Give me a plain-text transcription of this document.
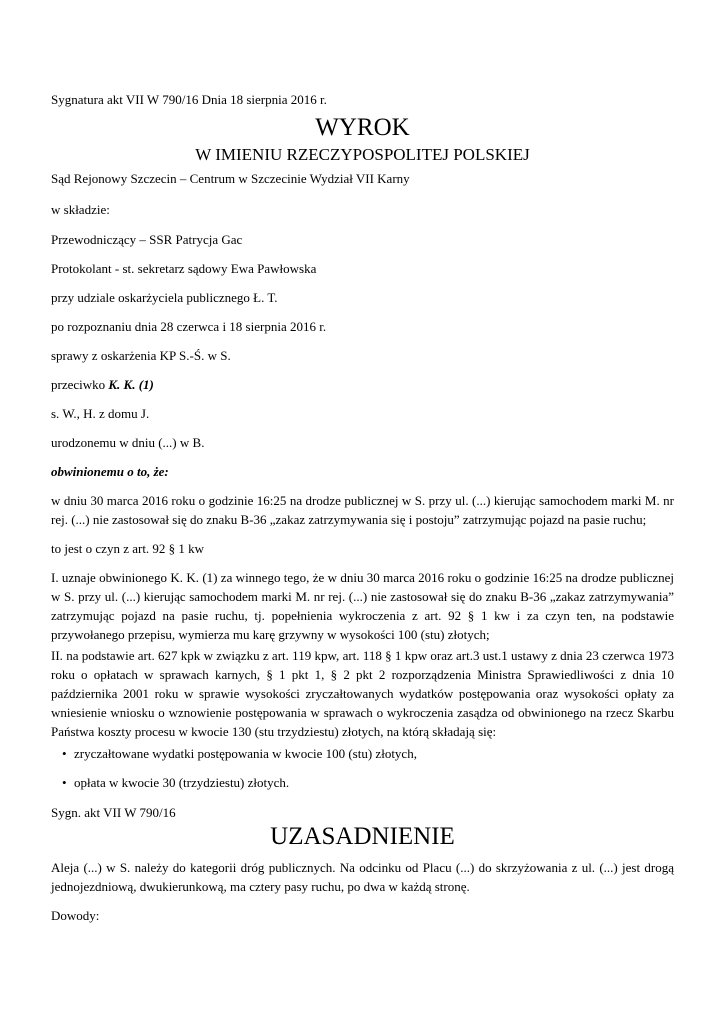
Sygnatura akt VII W 790/16 Dnia 18 sierpnia 2016 r.

WYROK
W IMIENIU RZECZYPOSPOLITEJ POLSKIEJ

Sąd Rejonowy Szczecin – Centrum w Szczecinie Wydział VII Karny

w składzie:

Przewodniczący – SSR Patrycja Gac

Protokolant - st. sekretarz sądowy Ewa Pawłowska

przy udziale oskarżyciela publicznego Ł. T.

po rozpoznaniu dnia 28 czerwca i 18 sierpnia 2016 r.

sprawy z oskarżenia KP S.-Ś. w S.

przeciwko K. K. (1)

s. W., H. z domu J.

urodzonemu w dniu (...) w B.

obwinionemu o to, że:

w dniu 30 marca 2016 roku o godzinie 16:25 na drodze publicznej w S. przy ul. (...) kierując samochodem marki M. nr rej. (...) nie zastosował się do znaku B-36 „zakaz zatrzymywania się i postoju” zatrzymując pojazd na pasie ruchu;

to jest o czyn z art. 92 § 1 kw

I. uznaje obwinionego K. K. (1) za winnego tego, że w dniu 30 marca 2016 roku o godzinie 16:25 na drodze publicznej w S. przy ul. (...) kierując samochodem marki M. nr rej. (...) nie zastosował się do znaku B-36 „zakaz zatrzymywania” zatrzymując pojazd na pasie ruchu, tj. popełnienia wykroczenia z art. 92 § 1 kw i za czyn ten, na podstawie przywołanego przepisu, wymierza mu karę grzywny w wysokości 100 (stu) złotych;

II. na podstawie art. 627 kpk w związku z art. 119 kpw, art. 118 § 1 kpw oraz art.3 ust.1 ustawy z dnia 23 czerwca 1973 roku o opłatach w sprawach karnych, § 1 pkt 1, § 2 pkt 2 rozporządzenia Ministra Sprawiedliwości z dnia 10 października 2001 roku w sprawie wysokości zryczałtowanych wydatków postępowania oraz wysokości opłaty za wniesienie wniosku o wznowienie postępowania w sprawach o wykroczenia zasądza od obwinionego na rzecz Skarbu Państwa koszty procesu w kwocie 130 (stu trzydziestu) złotych, na którą składają się:

• zryczałtowane wydatki postępowania w kwocie 100 (stu) złotych,
• opłata w kwocie 30 (trzydziestu) złotych.

Sygn. akt VII W 790/16

UZASADNIENIE

Aleja (...) w S. należy do kategorii dróg publicznych. Na odcinku od Placu (...) do skrzyżowania z ul. (...) jest drogą jednojezdniową, dwukierunkową, ma cztery pasy ruchu, po dwa w każdą stronę.

Dowody:
